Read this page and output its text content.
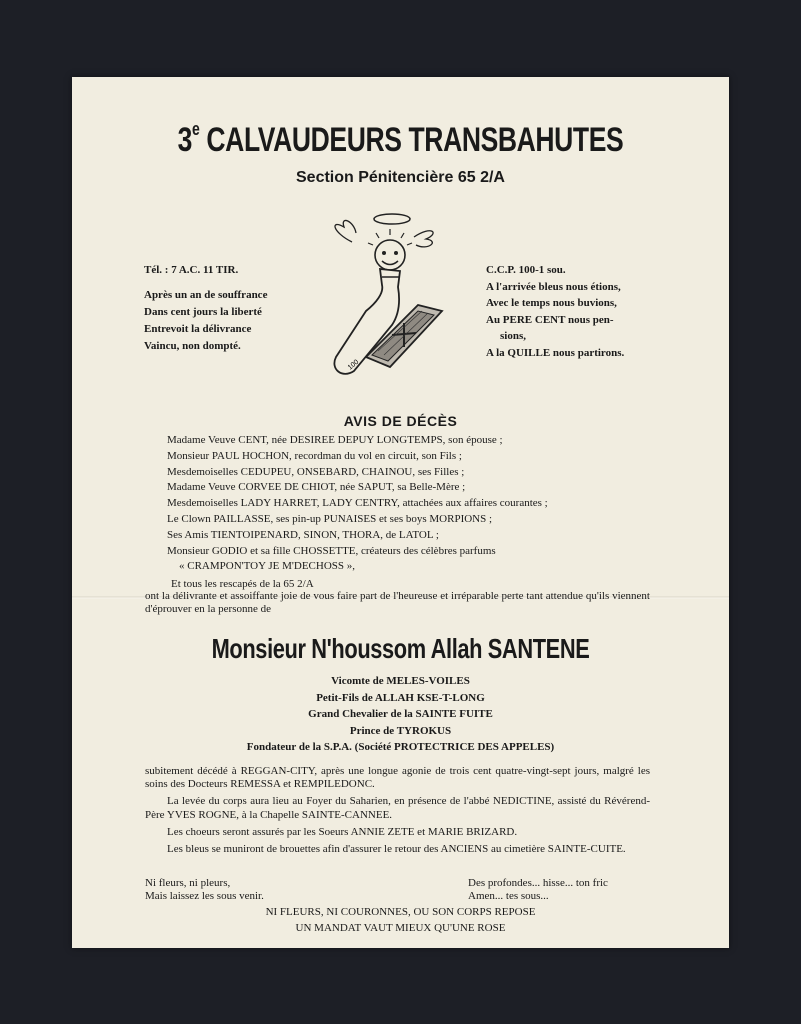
3e CALVAUDEURS TRANSBAHUTES
Section Pénitencière 65 2/A
100
Tél. : 7 A.C. 11 TIR.
Après un an de souffrance
Dans cent jours la liberté
Entrevoit la délivrance
Vaincu, non dompté.
C.C.P. 100-1 sou.
A l'arrivée bleus nous étions,
Avec le temps nous buvions,
Au PERE CENT nous pen-
sions,
A la QUILLE nous partirons.
AVIS DE DÉCÈS
Madame Veuve CENT, née DESIREE DEPUY LONGTEMPS, son épouse ;
Monsieur PAUL HOCHON, recordman du vol en circuit, son Fils ;
Mesdemoiselles CEDUPEU, ONSEBARD, CHAINOU, ses Filles ;
Madame Veuve CORVEE DE CHIOT, née SAPUT, sa Belle-Mère ;
Mesdemoiselles LADY HARRET, LADY CENTRY, attachées aux affaires courantes ;
Le Clown PAILLASSE, ses pin-up PUNAISES et ses boys MORPIONS ;
Ses Amis TIENTOIPENARD, SINON, THORA, de LATOL ;
Monsieur GODIO et sa fille CHOSSETTE, créateurs des célèbres parfums
« CRAMPON'TOY JE M'DECHOSS »,
Et tous les rescapés de la 65 2/A
ont la délivrante et assoiffante joie de vous faire part de l'heureuse et irréparable perte tant attendue qu'ils viennent d'éprouver en la personne de
Monsieur N'houssom Allah SANTENE
Vicomte de MELES-VOILES
Petit-Fils de ALLAH KSE-T-LONG
Grand Chevalier de la SAINTE FUITE
Prince de TYROKUS
Fondateur de la S.P.A. (Société PROTECTRICE DES APPELES)

subitement décédé à REGGAN-CITY, après une longue agonie de trois cent quatre-vingt-sept jours, malgré les soins des Docteurs REMESSA et REMPILEDONC.

La levée du corps aura lieu au Foyer du Saharien, en présence de l'abbé NEDICTINE, assisté du Révérend-Père YVES ROGNE, à la Chapelle SAINTE-CANNEE.

Les choeurs seront assurés par les Soeurs ANNIE ZETE et MARIE BRIZARD.

Les bleus se muniront de brouettes afin d'assurer le retour des ANCIENS au cimetière SAINTE-CUITE.

Ni fleurs, ni pleurs,
Mais laissez les sous venir.
Des profondes... hisse... ton fric
Amen... tes sous...
NI FLEURS, NI COURONNES, OU SON CORPS REPOSE
UN MANDAT VAUT MIEUX QU'UNE ROSE
